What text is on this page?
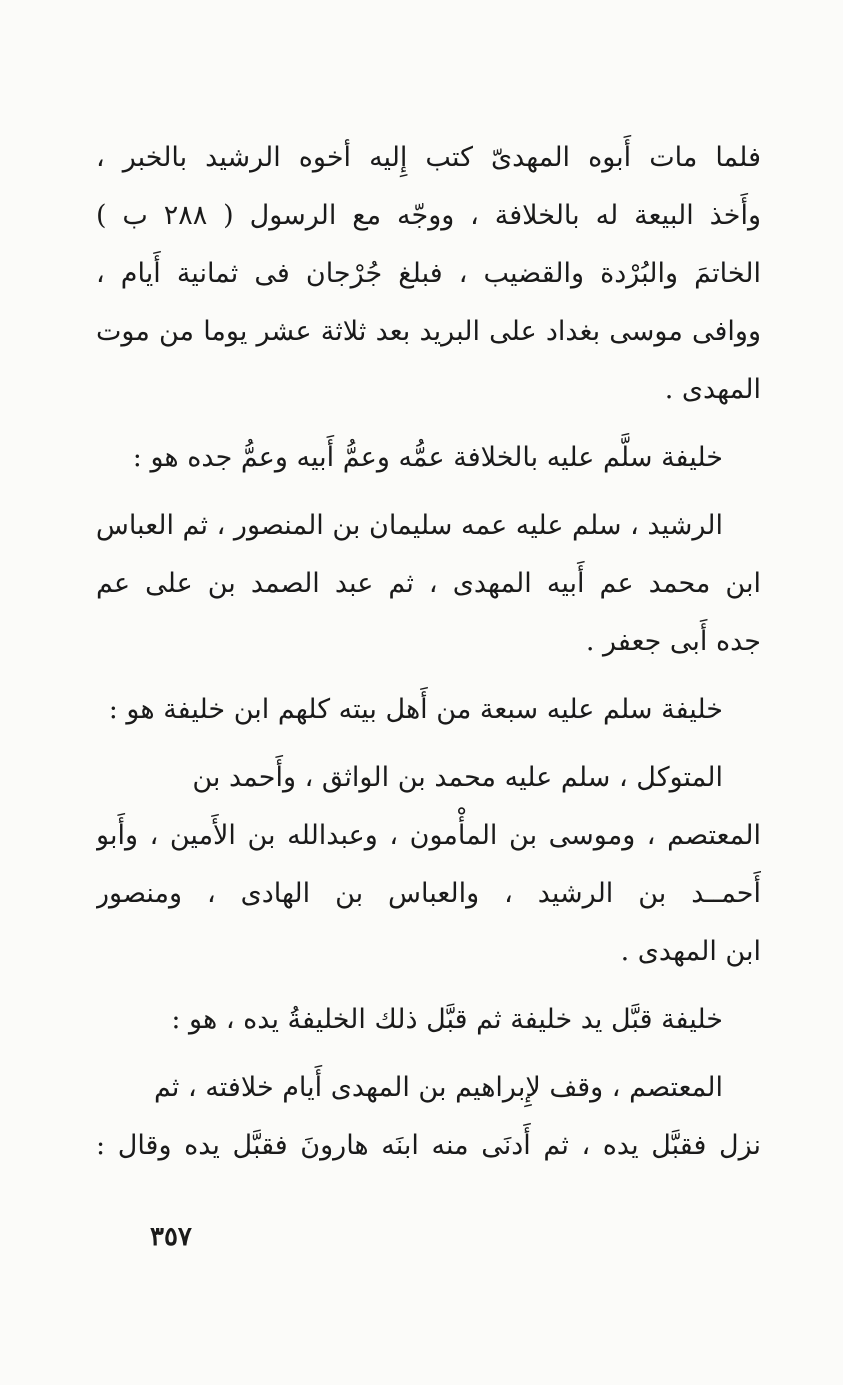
فلما مات أَبوه المهدىّ كتب إِليه أخوه الرشيد بالخبر ،
وأَخذ البيعة له بالخلافة ، ووجّه مع الرسول ( ٢٨٨ ب )
الخاتمَ والبُرْدة والقضيب ، فبلغ جُرْجان فى ثمانية أَيام ،
ووافى موسى بغداد على البريد بعد ثلاثة عشر يوما من موت
المهدى .
خليفة سلَّم عليه بالخلافة عمُّه وعمُّ أَبيه وعمُّ جده هو :
الرشيد ، سلم عليه عمه سليمان بن المنصور ، ثم العباس
ابن محمد عم أَبيه المهدى ، ثم عبد الصمد بن على عم
جده أَبى جعفر .
خليفة سلم عليه سبعة من أَهل بيته كلهم ابن خليفة هو :
المتوكل ، سلم عليه محمد بن الواثق ، وأَحمد بن
المعتصم ، وموسى بن المأْمون ، وعبدالله بن الأَمين ، وأَبو
أَحمــد بن الرشيد ، والعباس بن الهادى ، ومنصور
ابن المهدى .
خليفة قبَّل يد خليفة ثم قبَّل ذلك الخليفةُ يده ، هو :
المعتصم ، وقف لإِبراهيم بن المهدى أَيام خلافته ، ثم
نزل فقبَّل يده ، ثم أَدنَى منه ابنَه هارونَ فقبَّل يده وقال :
٣٥٧
